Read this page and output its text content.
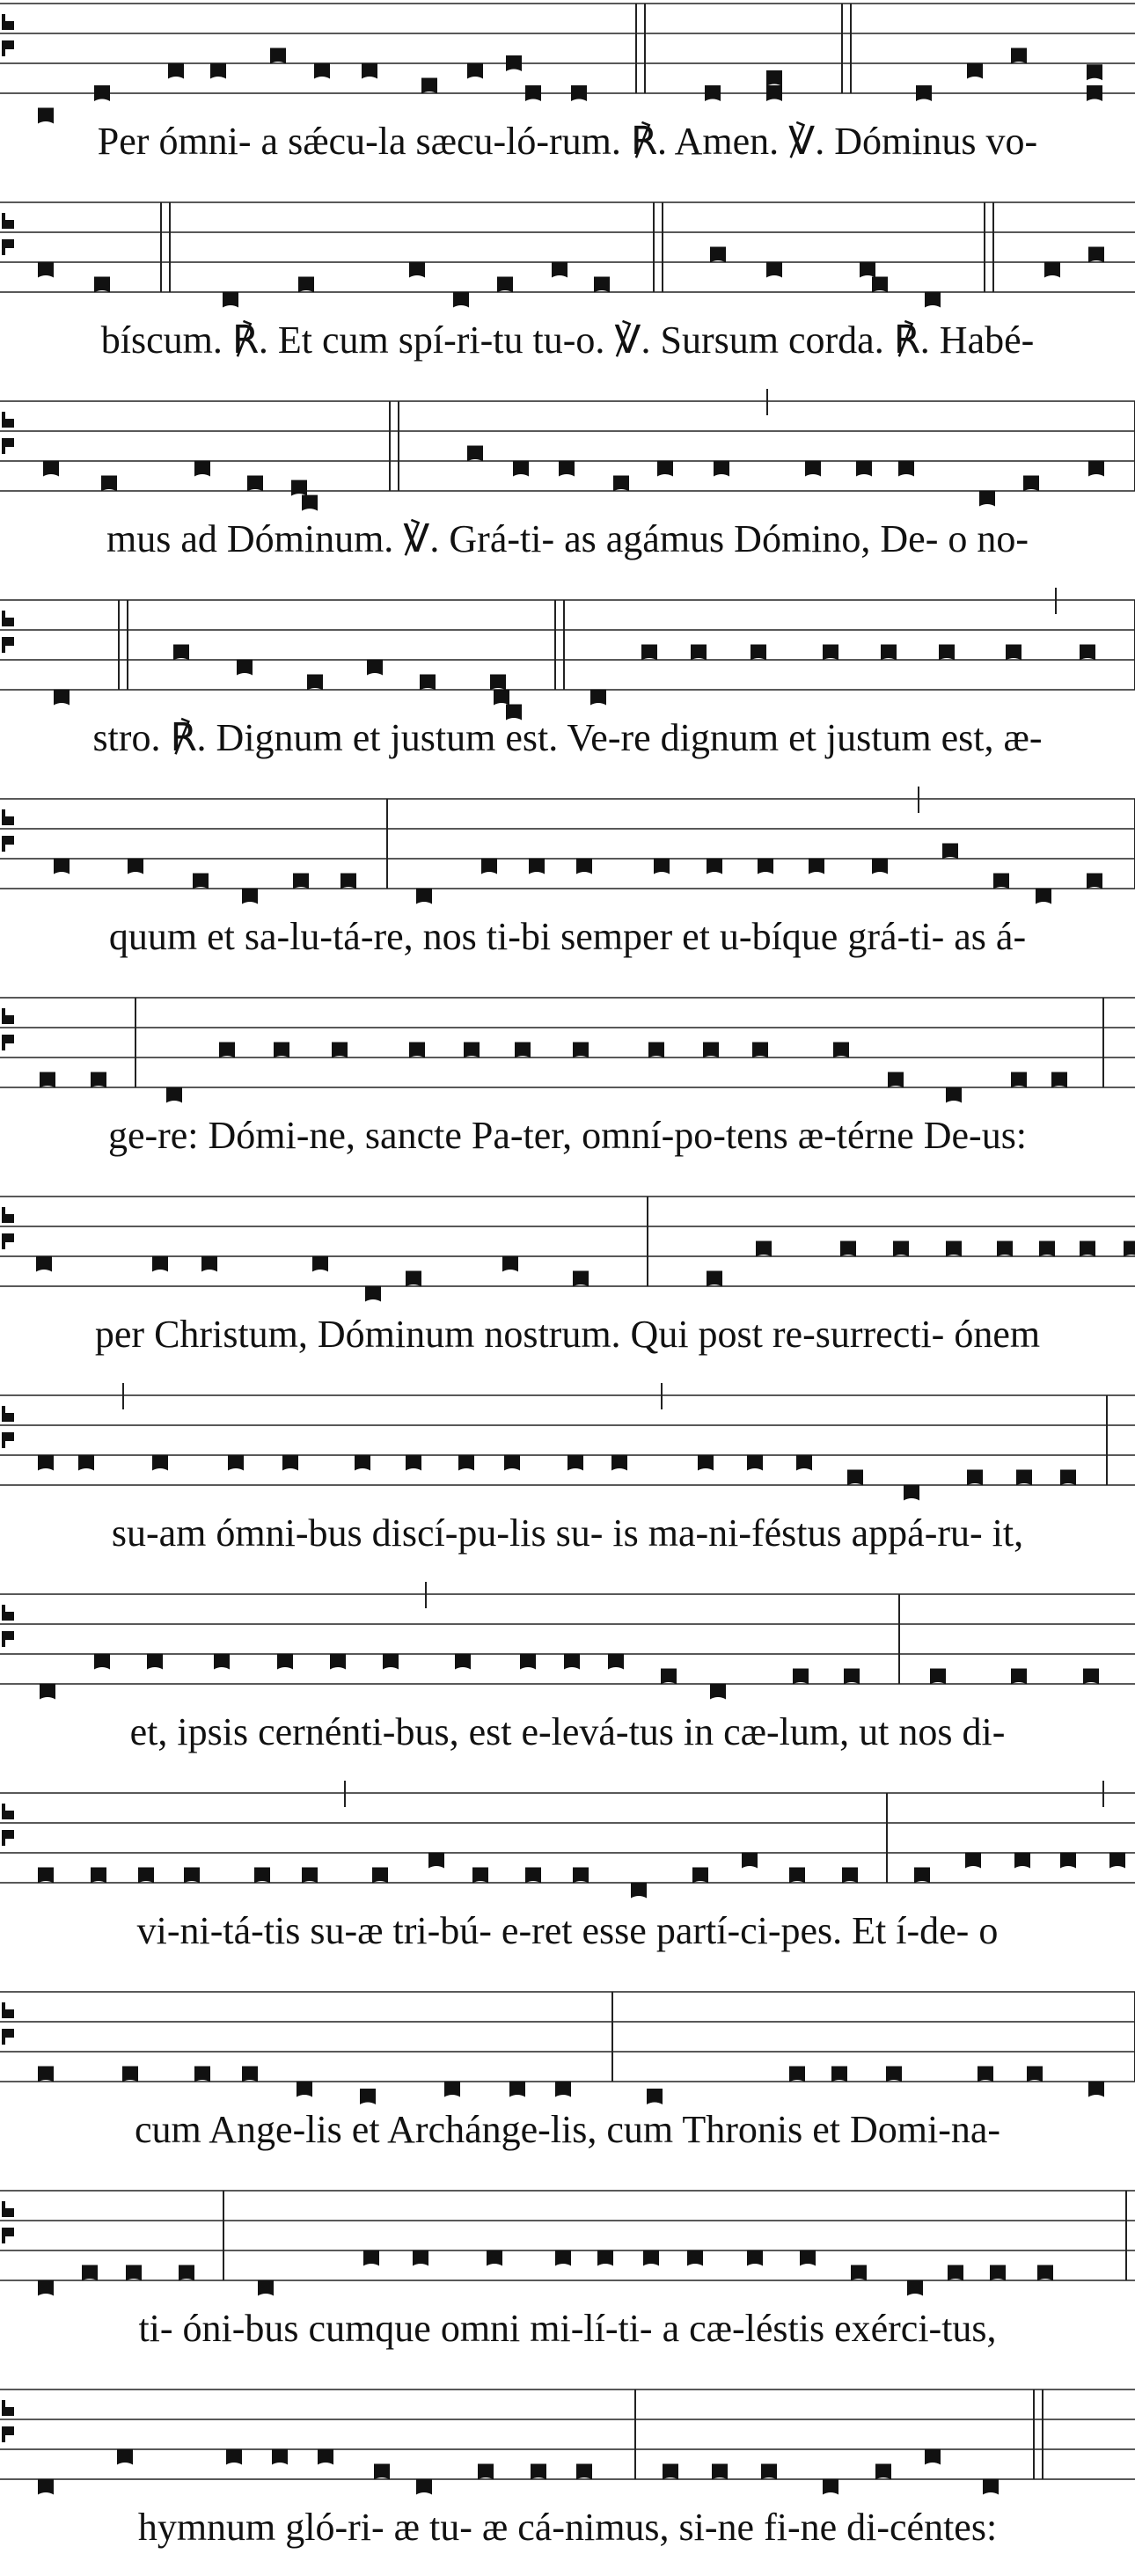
Per ómni- a sǽcu-la sæcu-ló-rum. ℟. Amen. ℣. Dóminus vo-
bíscum. ℟. Et cum spí-ri-tu tu-o. ℣. Sursum corda. ℟. Habé-
mus ad Dóminum. ℣. Grá-ti- as agámus Dómino, De- o no-
stro. ℟. Dignum et justum est. Ve-re dignum et justum est, æ-
quum et sa-lu-tá-re, nos ti-bi semper et u-bíque grá-ti- as á-
ge-re: Dómi-ne, sancte Pa-ter, omní-po-tens æ-térne De-us:
per Christum, Dóminum nostrum. Qui post re-surrecti- ónem
su-am ómni-bus discí-pu-lis su- is ma-ni-féstus appá-ru- it,
et, ipsis cernénti-bus, est e-levá-tus in cæ-lum, ut nos di-
vi-ni-tá-tis su-æ tri-bú- e-ret esse partí-ci-pes. Et í-de- o
cum Ange-lis et Archánge-lis, cum Thronis et Domi-na-
ti- óni-bus cumque omni mi-lí-ti- a cæ-léstis exérci-tus,
hymnum gló-ri- æ tu- æ cá-nimus, si-ne fi-ne di-céntes:
